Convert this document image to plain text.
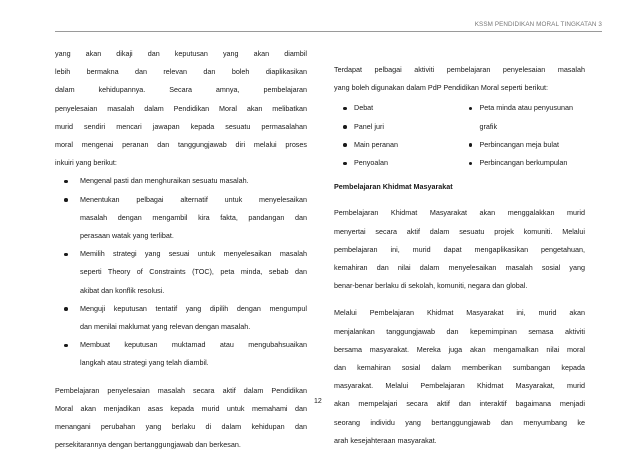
KSSM PENDIDIKAN MORAL TINGKATAN 3

yang akan dikaji dan keputusan yang akan diambil

lebih bermakna dan relevan dan boleh diaplikasikan

dalam kehidupannya. Secara amnya, pembelajaran

penyelesaian masalah dalam Pendidikan Moral akan melibatkan

murid sendiri mencari jawapan kepada sesuatu permasalahan

moral mengenai peranan dan tanggungjawab diri melalui proses

inkuiri yang berikut:

Mengenal pasti dan menghuraikan sesuatu masalah.

Menentukan pelbagai alternatif untuk menyelesaikan

masalah dengan mengambil kira fakta, pandangan dan

perasaan watak yang terlibat.

Memilih strategi yang sesuai untuk menyelesaikan masalah

seperti Theory of Constraints (TOC), peta minda, sebab dan

akibat dan konflik resolusi.

Menguji keputusan tentatif yang dipilih dengan mengumpul

dan menilai maklumat yang relevan dengan masalah.

Membuat keputusan muktamad atau mengubahsuaikan

langkah atau strategi yang telah diambil.

Pembelajaran penyelesaian masalah secara aktif dalam Pendidikan

Moral akan menjadikan asas kepada murid untuk memahami dan

menangani perubahan yang berlaku di dalam kehidupan dan

persekitarannya dengan bertanggungjawab dan berkesan.

Terdapat pelbagai aktiviti pembelajaran penyelesaian masalah

yang boleh digunakan dalam PdP Pendidikan Moral seperti berikut:

Debat
Panel juri
Main peranan
Penyoalan
Peta minda atau penyusunan grafik
Perbincangan meja bulat
Perbincangan berkumpulan

Pembelajaran Khidmat Masyarakat

Pembelajaran Khidmat Masyarakat akan menggalakkan murid

menyertai secara aktif dalam sesuatu projek komuniti. Melalui

pembelajaran ini, murid dapat mengaplikasikan pengetahuan,

kemahiran dan nilai dalam menyelesaikan masalah sosial yang

benar-benar berlaku di sekolah, komuniti, negara dan global.

Melalui Pembelajaran Khidmat Masyarakat ini, murid akan

menjalankan tanggungjawab dan kepemimpinan semasa aktiviti

bersama masyarakat. Mereka juga akan mengamalkan nilai moral

dan kemahiran sosial dalam memberikan sumbangan kepada

masyarakat. Melalui Pembelajaran Khidmat Masyarakat, murid

akan mempelajari secara aktif dan interaktif bagaimana menjadi

seorang individu yang bertanggungjawab dan menyumbang ke

arah kesejahteraan masyarakat.

12
